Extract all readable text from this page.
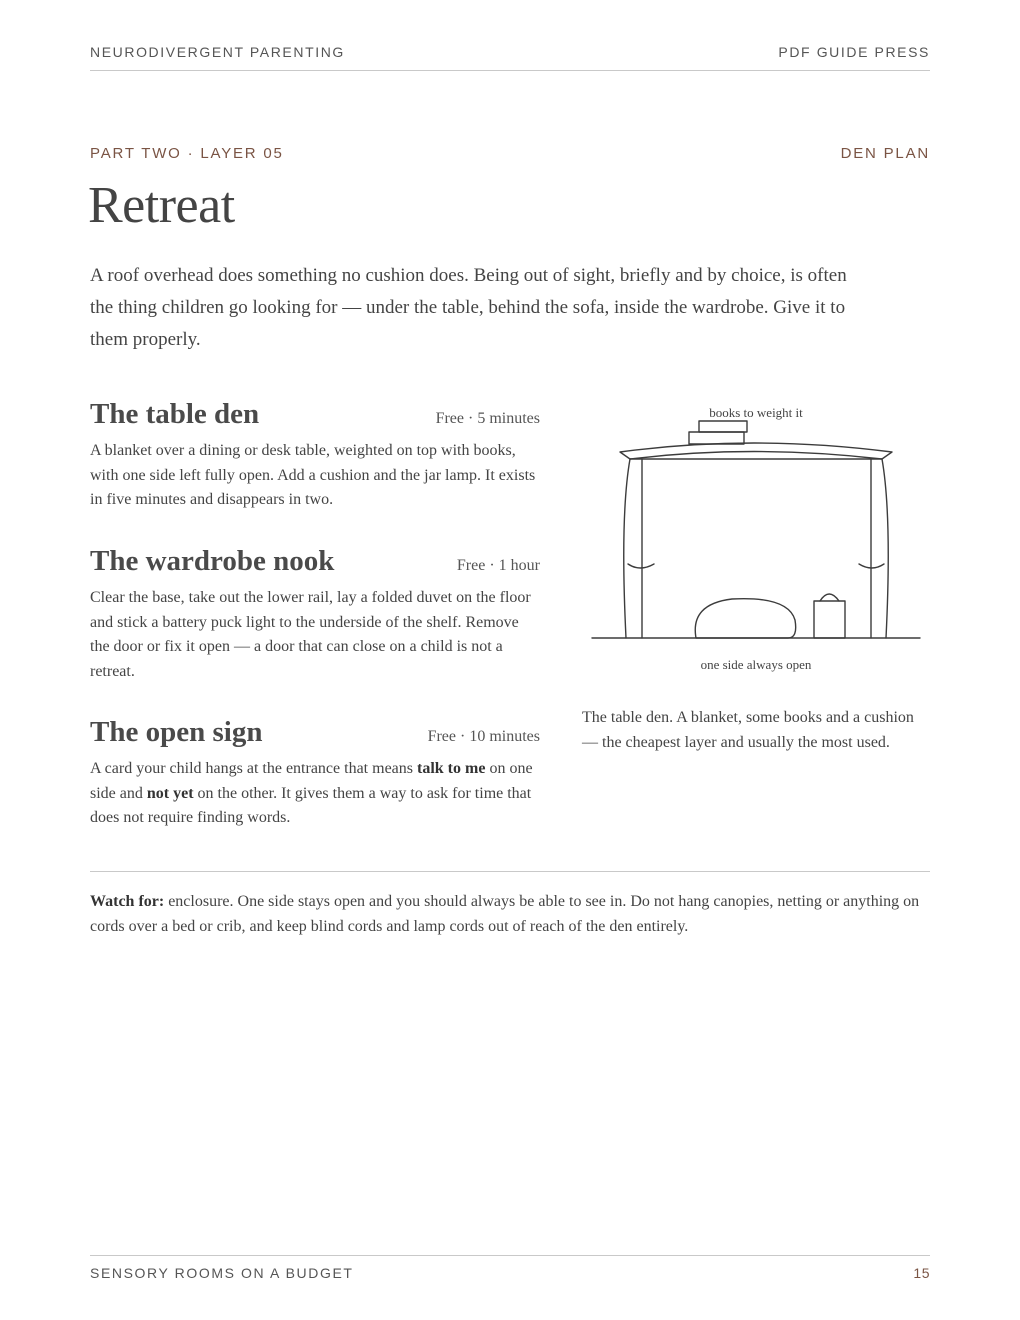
NEURODIVERGENT PARENTING	PDF GUIDE PRESS
PART TWO · LAYER 05	DEN PLAN
Retreat

A roof overhead does something no cushion does. Being out of sight, briefly and by choice, is often the thing children go looking for — under the table, behind the sofa, inside the wardrobe. Give it to them properly.

The table den	Free · 5 minutes

A blanket over a dining or desk table, weighted on top with books, with one side left fully open. Add a cushion and the jar lamp. It exists in five minutes and disappears in two.

The wardrobe nook	Free · 1 hour

Clear the base, take out the lower rail, lay a folded duvet on the floor and stick a battery puck light to the underside of the shelf. Remove the door or fix it open — a door that can close on a child is not a retreat.

The open sign	Free · 10 minutes

A card your child hangs at the entrance that means talk to me on one side and not yet on the other. It gives them a way to ask for time that does not require finding words.

books to weight it
one side always open

The table den. A blanket, some books and a cushion — the cheapest layer and usually the most used.

Watch for: enclosure. One side stays open and you should always be able to see in. Do not hang canopies, netting or anything on cords over a bed or crib, and keep blind cords and lamp cords out of reach of the den entirely.

SENSORY ROOMS ON A BUDGET	15
